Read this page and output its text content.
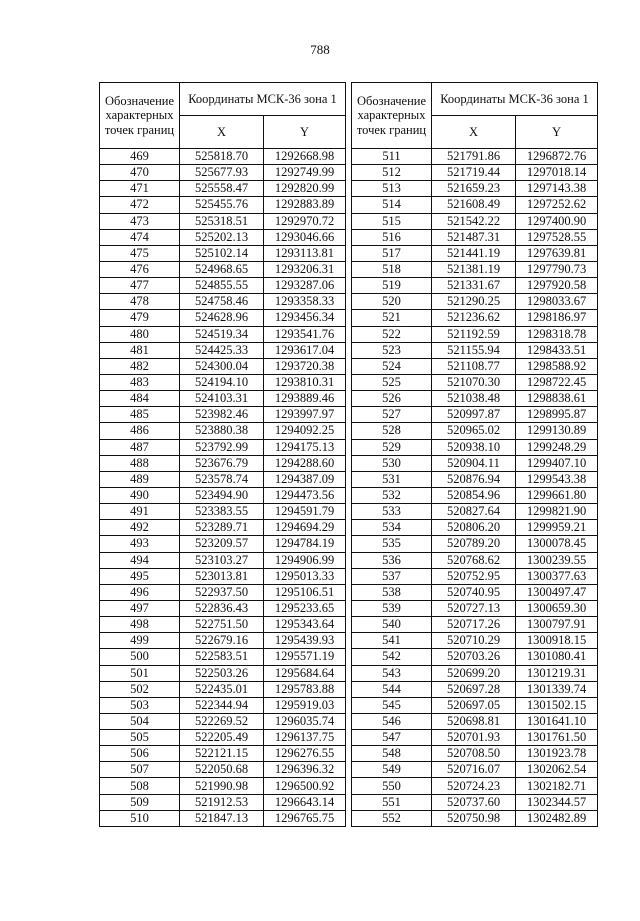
788
Обозначение характерных точек границ	Координаты МСК-36 зона 1	
	X	Y
469	525818.70	1292668.98
470	525677.93	1292749.99
471	525558.47	1292820.99
472	525455.76	1292883.89
473	525318.51	1292970.72
474	525202.13	1293046.66
475	525102.14	1293113.81
476	524968.65	1293206.31
477	524855.55	1293287.06
478	524758.46	1293358.33
479	524628.96	1293456.34
480	524519.34	1293541.76
481	524425.33	1293617.04
482	524300.04	1293720.38
483	524194.10	1293810.31
484	524103.31	1293889.46
485	523982.46	1293997.97
486	523880.38	1294092.25
487	523792.99	1294175.13
488	523676.79	1294288.60
489	523578.74	1294387.09
490	523494.90	1294473.56
491	523383.55	1294591.79
492	523289.71	1294694.29
493	523209.57	1294784.19
494	523103.27	1294906.99
495	523013.81	1295013.33
496	522937.50	1295106.51
497	522836.43	1295233.65
498	522751.50	1295343.64
499	522679.16	1295439.93
500	522583.51	1295571.19
501	522503.26	1295684.64
502	522435.01	1295783.88
503	522344.94	1295919.03
504	522269.52	1296035.74
505	522205.49	1296137.75
506	522121.15	1296276.55
507	522050.68	1296396.32
508	521990.98	1296500.92
509	521912.53	1296643.14
510	521847.13	1296765.75
Обозначение характерных точек границ	Координаты МСК-36 зона 1	
	X	Y
511	521791.86	1296872.76
512	521719.44	1297018.14
513	521659.23	1297143.38
514	521608.49	1297252.62
515	521542.22	1297400.90
516	521487.31	1297528.55
517	521441.19	1297639.81
518	521381.19	1297790.73
519	521331.67	1297920.58
520	521290.25	1298033.67
521	521236.62	1298186.97
522	521192.59	1298318.78
523	521155.94	1298433.51
524	521108.77	1298588.92
525	521070.30	1298722.45
526	521038.48	1298838.61
527	520997.87	1298995.87
528	520965.02	1299130.89
529	520938.10	1299248.29
530	520904.11	1299407.10
531	520876.94	1299543.38
532	520854.96	1299661.80
533	520827.64	1299821.90
534	520806.20	1299959.21
535	520789.20	1300078.45
536	520768.62	1300239.55
537	520752.95	1300377.63
538	520740.95	1300497.47
539	520727.13	1300659.30
540	520717.26	1300797.91
541	520710.29	1300918.15
542	520703.26	1301080.41
543	520699.20	1301219.31
544	520697.28	1301339.74
545	520697.05	1301502.15
546	520698.81	1301641.10
547	520701.93	1301761.50
548	520708.50	1301923.78
549	520716.07	1302062.54
550	520724.23	1302182.71
551	520737.60	1302344.57
552	520750.98	1302482.89
